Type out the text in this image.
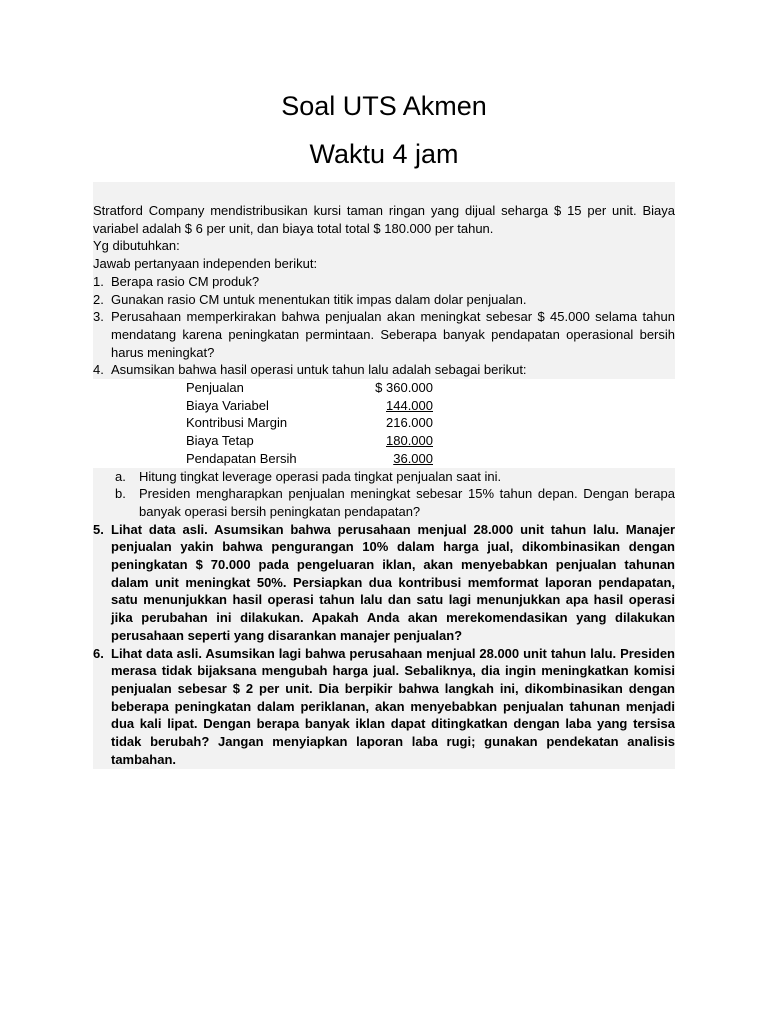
Soal UTS Akmen
Waktu 4 jam
Stratford Company mendistribusikan kursi taman ringan yang dijual seharga $ 15 per unit. Biaya variabel adalah $ 6 per unit, dan biaya total total $ 180.000 per tahun.
Yg dibutuhkan:
Jawab pertanyaan independen berikut:
1. Berapa rasio CM produk?
2. Gunakan rasio CM untuk menentukan titik impas dalam dolar penjualan.
3. Perusahaan memperkirakan bahwa penjualan akan meningkat sebesar $ 45.000 selama tahun mendatang karena peningkatan permintaan. Seberapa banyak pendapatan operasional bersih harus meningkat?
4. Asumsikan bahwa hasil operasi untuk tahun lalu adalah sebagai berikut:
Penjualan	$ 360.000
Biaya Variabel	144.000
Kontribusi Margin	216.000
Biaya Tetap	180.000
Pendapatan Bersih	36.000
a.	Hitung tingkat leverage operasi pada tingkat penjualan saat ini.
b.	Presiden mengharapkan penjualan meningkat sebesar 15% tahun depan. Dengan berapa banyak operasi bersih peningkatan pendapatan?
5. Lihat data asli. Asumsikan bahwa perusahaan menjual 28.000 unit tahun lalu. Manajer penjualan yakin bahwa pengurangan 10% dalam harga jual, dikombinasikan dengan peningkatan $ 70.000 pada pengeluaran iklan, akan menyebabkan penjualan tahunan dalam unit meningkat 50%. Persiapkan dua kontribusi memformat laporan pendapatan, satu menunjukkan hasil operasi tahun lalu dan satu lagi menunjukkan apa hasil operasi jika perubahan ini dilakukan. Apakah Anda akan merekomendasikan yang dilakukan perusahaan seperti yang disarankan manajer penjualan?
6. Lihat data asli. Asumsikan lagi bahwa perusahaan menjual 28.000 unit tahun lalu. Presiden merasa tidak bijaksana mengubah harga jual. Sebaliknya, dia ingin meningkatkan komisi penjualan sebesar $ 2 per unit. Dia berpikir bahwa langkah ini, dikombinasikan dengan beberapa peningkatan dalam periklanan, akan menyebabkan penjualan tahunan menjadi dua kali lipat. Dengan berapa banyak iklan dapat ditingkatkan dengan laba yang tersisa tidak berubah? Jangan menyiapkan laporan laba rugi; gunakan pendekatan analisis tambahan.
